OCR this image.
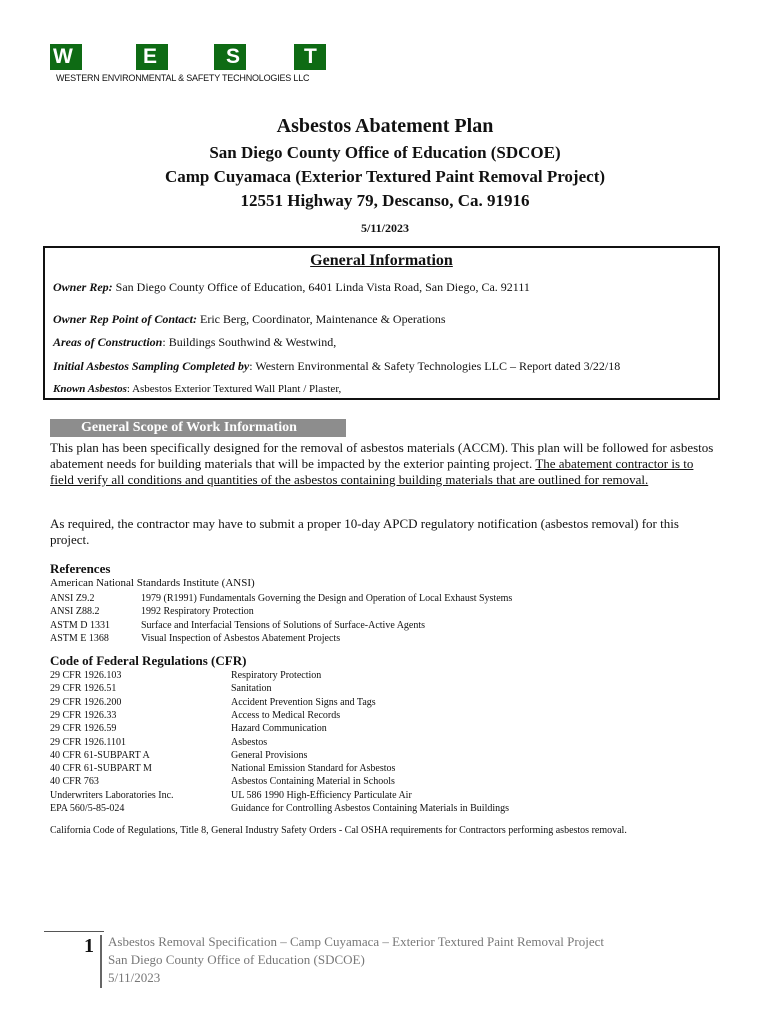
W	E	S	T
WESTERN ENVIRONMENTAL & SAFETY TECHNOLOGIES LLC
Asbestos Abatement Plan
San Diego County Office of Education (SDCOE)
Camp Cuyamaca (Exterior Textured Paint Removal Project)
12551 Highway 79, Descanso, Ca. 91916
5/11/2023
General Information
Owner Rep: San Diego County Office of Education, 6401 Linda Vista Road, San Diego, Ca. 92111
Owner Rep Point of Contact: Eric Berg, Coordinator, Maintenance & Operations
Areas of Construction: Buildings Southwind & Westwind,
Initial Asbestos Sampling Completed by: Western Environmental & Safety Technologies LLC – Report dated 3/22/18
Known Asbestos: Asbestos Exterior Textured Wall Plant / Plaster,
General Scope of Work Information
This plan has been specifically designed for the removal of asbestos materials (ACCM). This plan will be followed for asbestos abatement needs for building materials that will be impacted by the exterior painting project. The abatement contractor is to field verify all conditions and quantities of the asbestos containing building materials that are outlined for removal.
As required, the contractor may have to submit a proper 10-day APCD regulatory notification (asbestos removal) for this project.
References
American National Standards Institute (ANSI)
ANSI Z9.2	1979 (R1991) Fundamentals Governing the Design and Operation of Local Exhaust Systems
ANSI Z88.2	1992 Respiratory Protection
ASTM D 1331	Surface and Interfacial Tensions of Solutions of Surface-Active Agents
ASTM E 1368	Visual Inspection of Asbestos Abatement Projects
Code of Federal Regulations (CFR)
29 CFR 1926.103	Respiratory Protection
29 CFR 1926.51	Sanitation
29 CFR 1926.200	Accident Prevention Signs and Tags
29 CFR 1926.33	Access to Medical Records
29 CFR 1926.59	Hazard Communication
29 CFR 1926.1101	Asbestos
40 CFR 61-SUBPART A	General Provisions
40 CFR 61-SUBPART M	National Emission Standard for Asbestos
40 CFR 763	Asbestos Containing Material in Schools
Underwriters Laboratories Inc.	UL 586 1990 High-Efficiency Particulate Air
EPA 560/5-85-024	Guidance for Controlling Asbestos Containing Materials in Buildings
California Code of Regulations, Title 8, General Industry Safety Orders - Cal OSHA requirements for Contractors performing asbestos removal.
1 Asbestos Removal Specification – Camp Cuyamaca – Exterior Textured Paint Removal Project
San Diego County Office of Education (SDCOE)
5/11/2023
